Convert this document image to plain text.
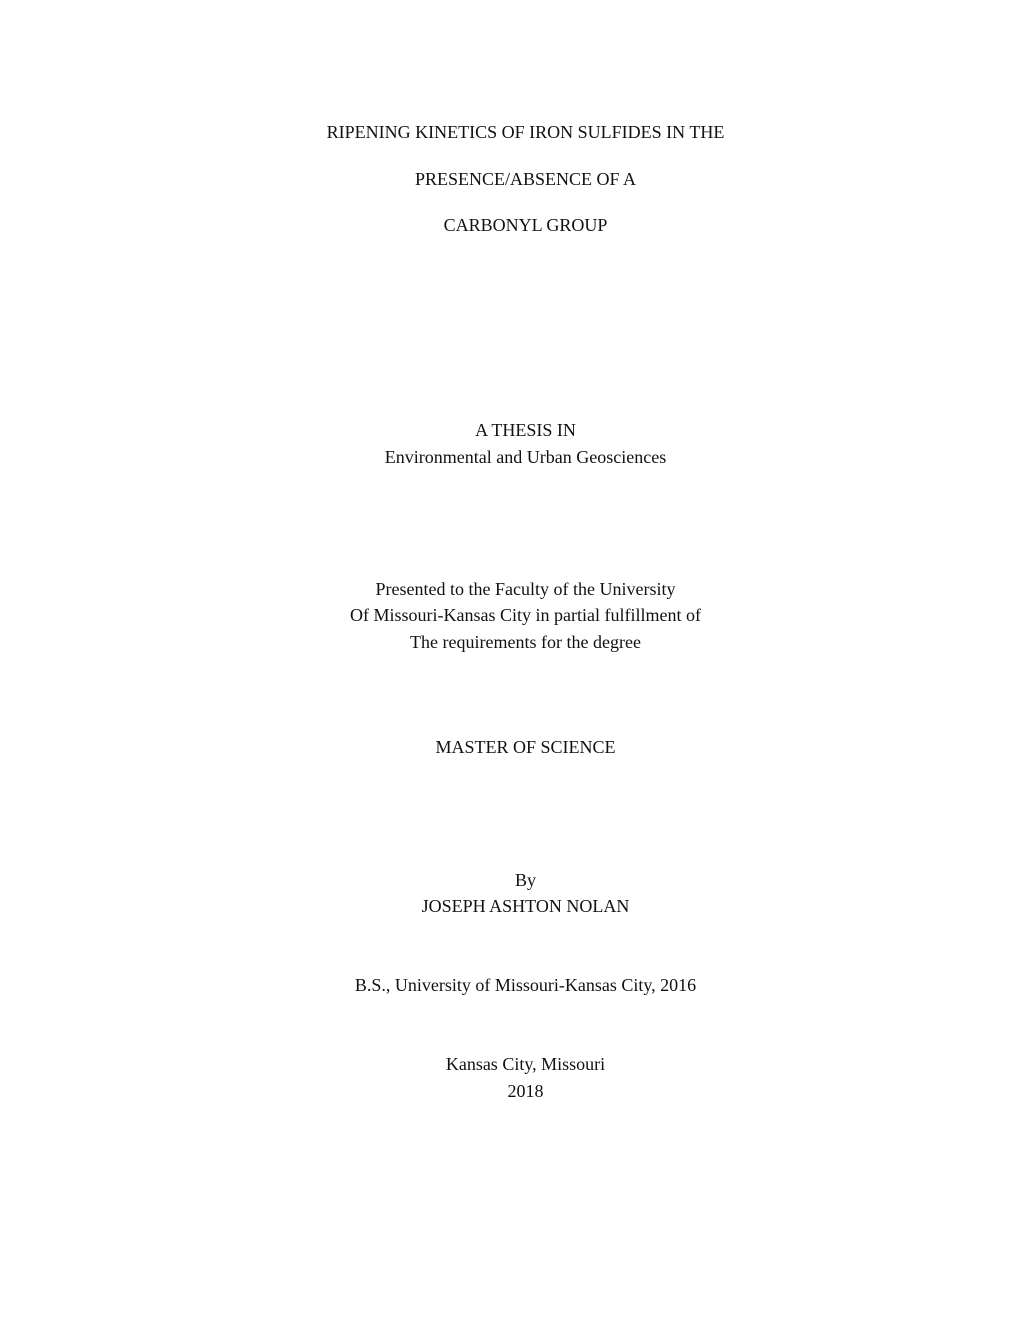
RIPENING KINETICS OF IRON SULFIDES IN THE
PRESENCE/ABSENCE OF A
CARBONYL GROUP
A THESIS IN
Environmental and Urban Geosciences
Presented to the Faculty of the University
Of Missouri-Kansas City in partial fulfillment of
The requirements for the degree
MASTER OF SCIENCE
By
JOSEPH ASHTON NOLAN
B.S., University of Missouri-Kansas City, 2016
Kansas City, Missouri
2018
